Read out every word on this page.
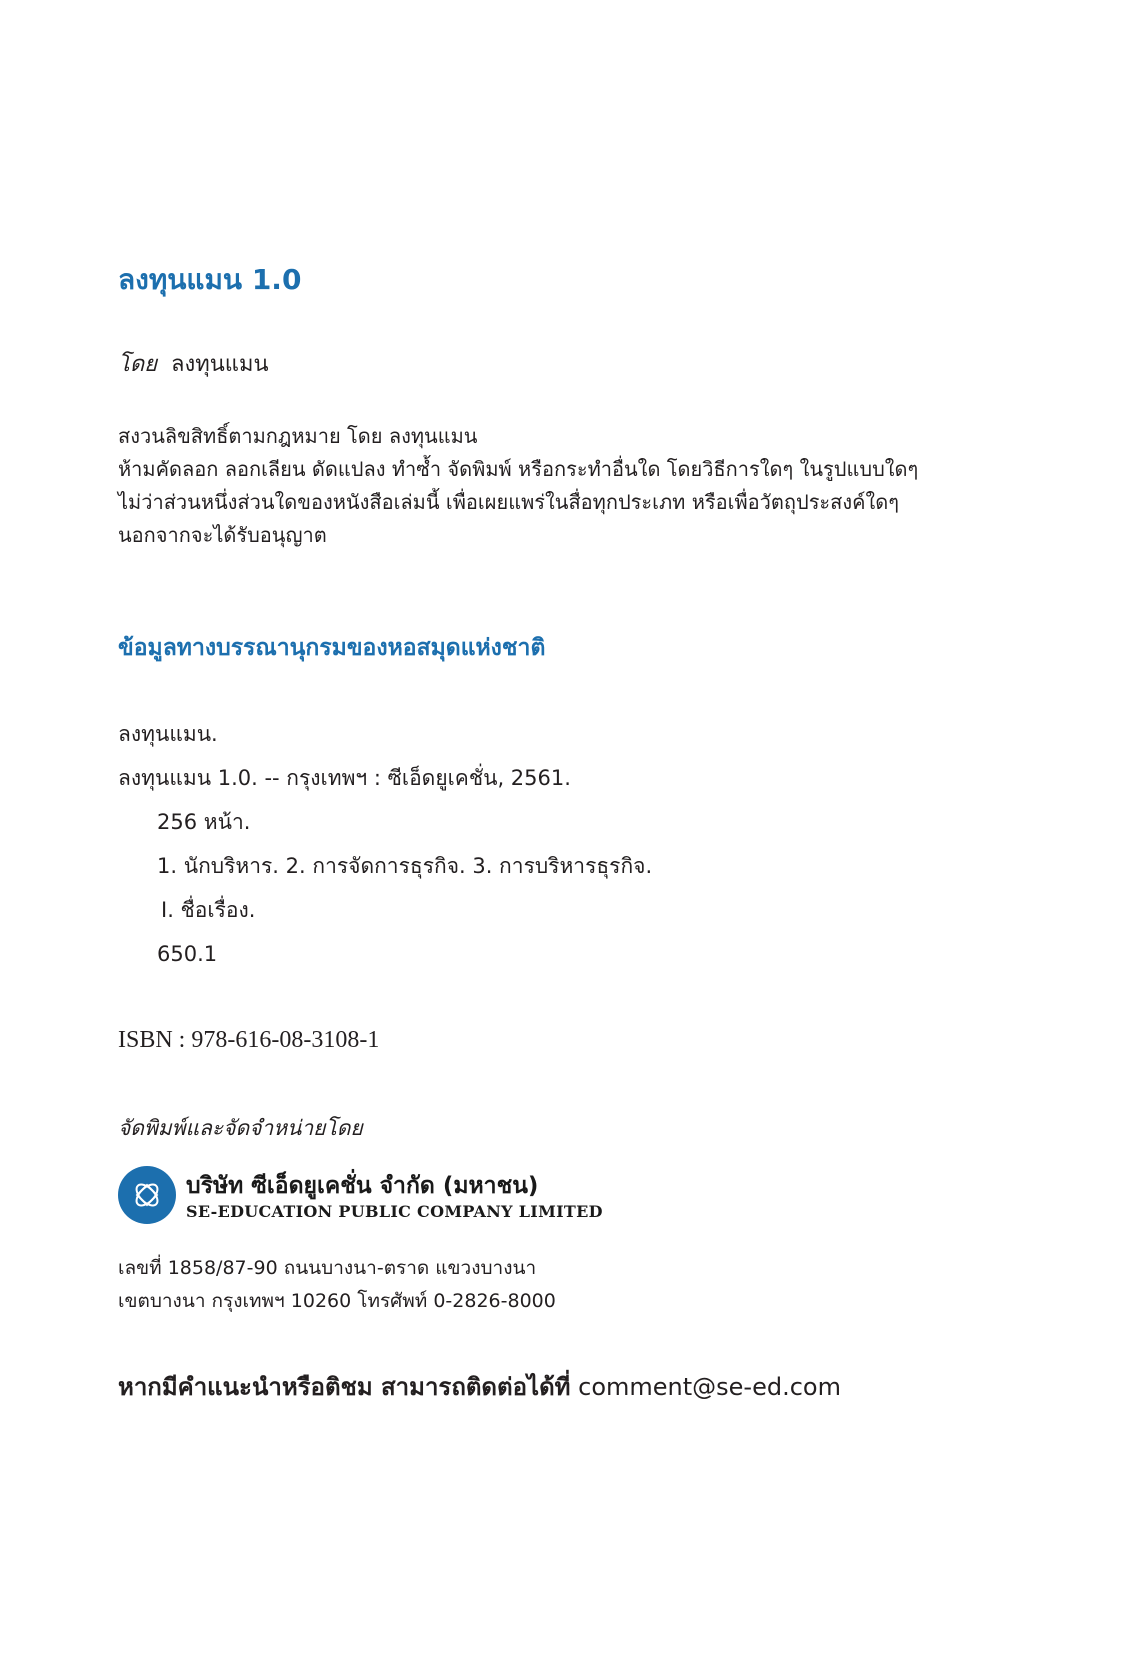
ลงทุนแมน 1.0
โดย ลงทุนแมน
สงวนลิขสิทธิ์ตามกฎหมาย โดย ลงทุนแมน
ห้ามคัดลอก ลอกเลียน ดัดแปลง ทำซ้ำ จัดพิมพ์ หรือกระทำอื่นใด โดยวิธีการใดๆ ในรูปแบบใดๆ
ไม่ว่าส่วนหนึ่งส่วนใดของหนังสือเล่มนี้ เพื่อเผยแพร่ในสื่อทุกประเภท หรือเพื่อวัตถุประสงค์ใดๆ
นอกจากจะได้รับอนุญาต
ข้อมูลทางบรรณานุกรมของหอสมุดแห่งชาติ
ลงทุนแมน.
ลงทุนแมน 1.0. -- กรุงเทพฯ : ซีเอ็ดยูเคชั่น, 2561.
256 หน้า.
1. นักบริหาร. 2. การจัดการธุรกิจ. 3. การบริหารธุรกิจ.
I. ชื่อเรื่อง.
650.1
ISBN : 978-616-08-3108-1
จัดพิมพ์และจัดจำหน่ายโดย
บริษัท ซีเอ็ดยูเคชั่น จำกัด (มหาชน)
SE-EDUCATION PUBLIC COMPANY LIMITED
เลขที่ 1858/87-90 ถนนบางนา-ตราด แขวงบางนา
เขตบางนา กรุงเทพฯ 10260 โทรศัพท์ 0-2826-8000
หากมีคำแนะนำหรือติชม สามารถติดต่อได้ที่ comment@se-ed.com
